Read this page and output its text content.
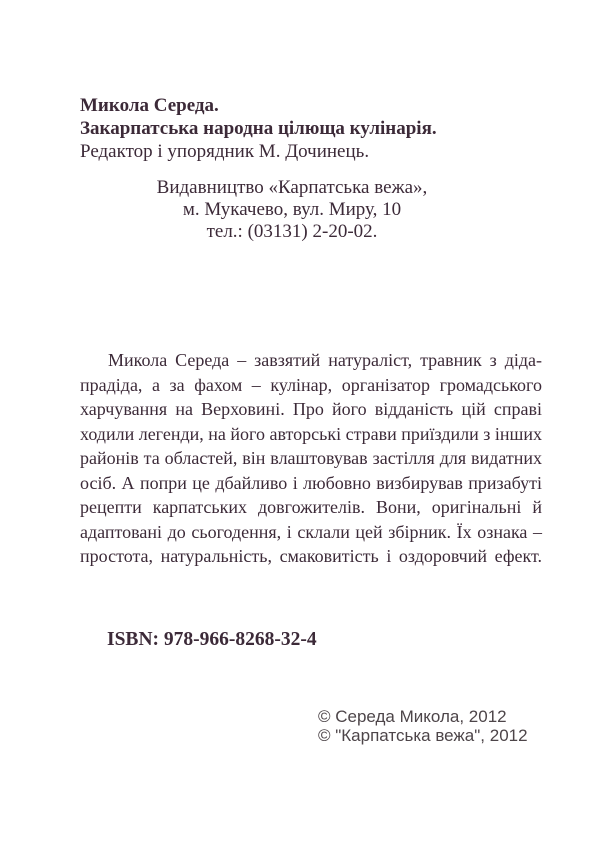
Микола Середа.
Закарпатська народна цілюща кулінарія.
Редактор і упорядник М. Дочинець.
Видавництво «Карпатська вежа»,
м. Мукачево, вул. Миру, 10
тел.: (03131) 2-20-02.
Микола Середа – завзятий натураліст, травник з діда-
прадіда, а за фахом – кулінар, організатор громадського
харчування на Верховині. Про його відданість цій справі
ходили легенди, на його авторські страви приїздили з інших
районів та областей, він влаштовував застілля для видатних
осіб. А попри це дбайливо і любовно визбирував призабуті
рецепти карпатських довгожителів. Вони, оригінальні й
адаптовані до сьогодення, і склали цей збірник. Їх ознака –
простота, натуральність, смаковитість і оздоровчий ефект.
ISBN: 978-966-8268-32-4
© Середа Микола, 2012
© "Карпатська вежа", 2012
